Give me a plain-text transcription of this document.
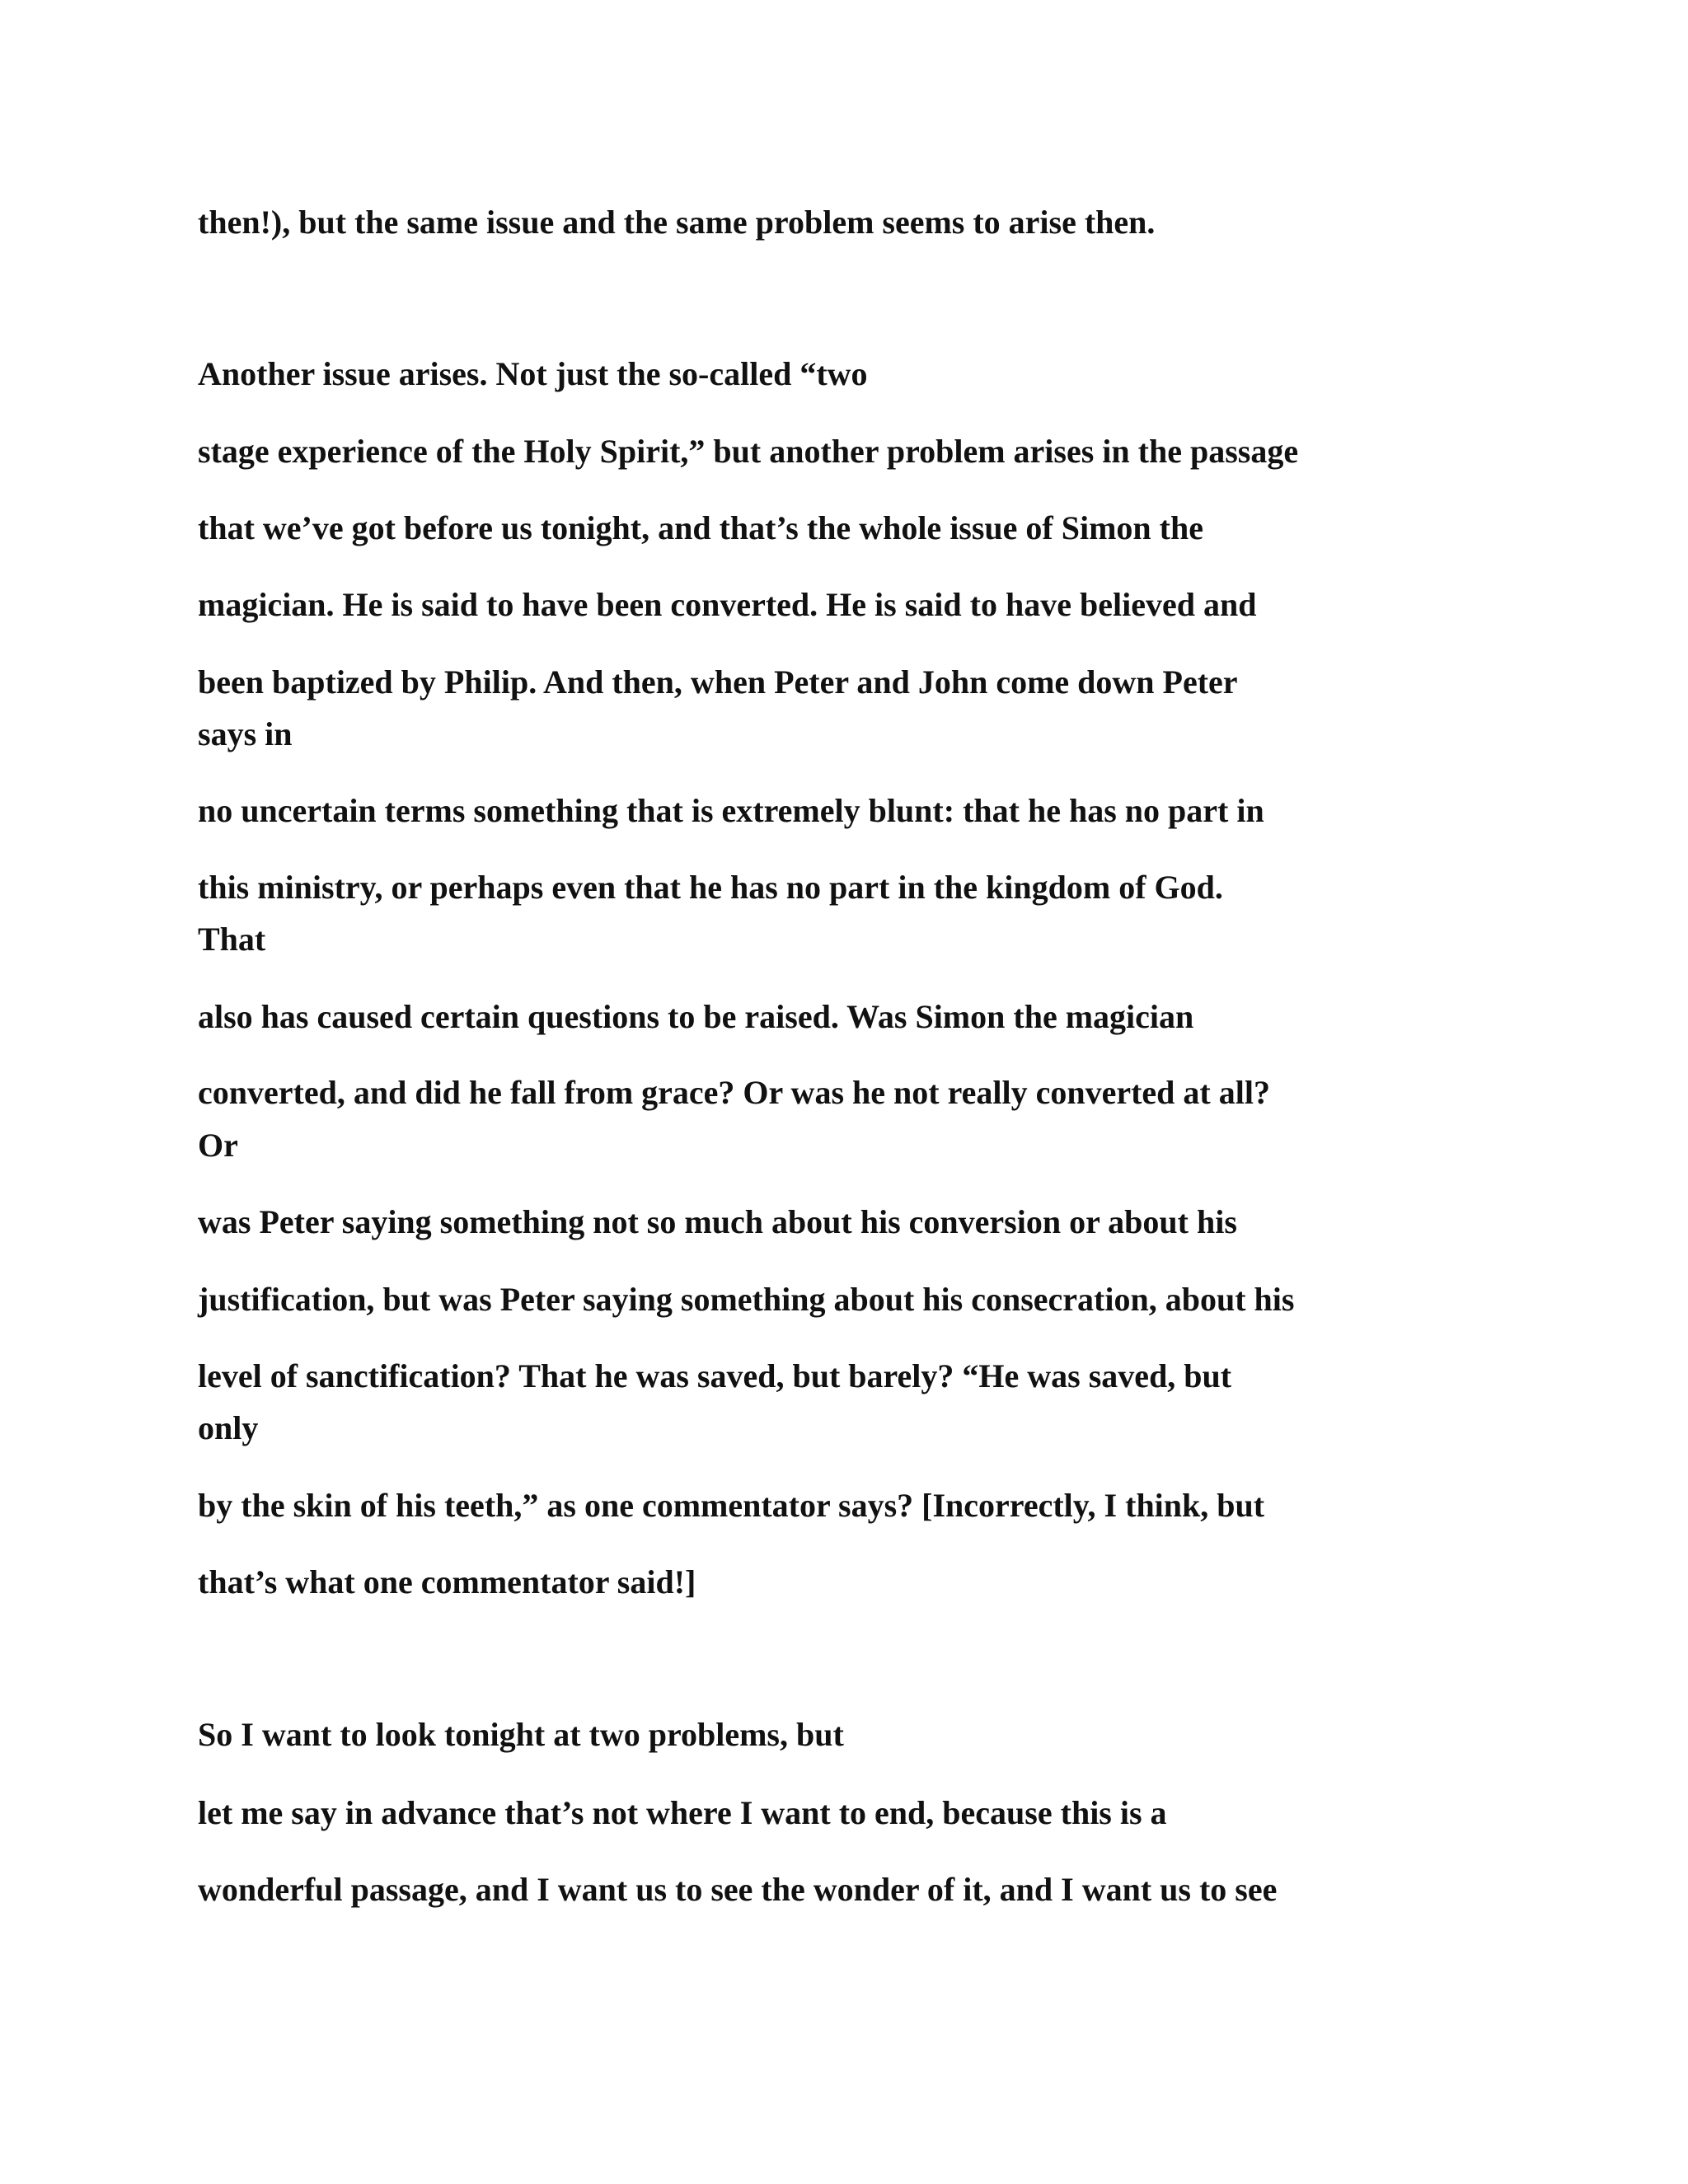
then!), but the same issue and the same problem seems to arise then.

Another issue arises. Not just the so-called “two

stage experience of the Holy Spirit,” but another problem arises in the passage

that we’ve got before us tonight, and that’s the whole issue of Simon the

magician. He is said to have been converted. He is said to have believed and

been baptized by Philip. And then, when Peter and John come down Peter

says in

no uncertain terms something that is extremely blunt: that he has no part in

this ministry, or perhaps even that he has no part in the kingdom of God.

That

also has caused certain questions to be raised. Was Simon the magician

converted, and did he fall from grace? Or was he not really converted at all?

Or

was Peter saying something not so much about his conversion or about his

justification, but was Peter saying something about his consecration, about his

level of sanctification? That he was saved, but barely? “He was saved, but

only

by the skin of his teeth,” as one commentator says? [Incorrectly, I think, but

that’s what one commentator said!]

So I want to look tonight at two problems, but

let me say in advance that’s not where I want to end, because this is a

wonderful passage, and I want us to see the wonder of it, and I want us to see
